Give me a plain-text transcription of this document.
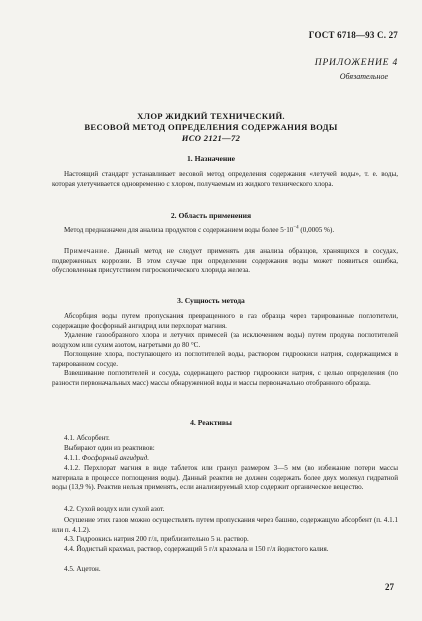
ГОСТ 6718—93 С. 27
ПРИЛОЖЕНИЕ 4
Обязательное
ХЛОР ЖИДКИЙ ТЕХНИЧЕСКИЙ.
ВЕСОВОЙ МЕТОД ОПРЕДЕЛЕНИЯ СОДЕРЖАНИЯ ВОДЫ
ИСО 2121—72
1. Назначение

Настоящий стандарт устанавливает весовой метод определения содержания «летучей воды», т. е. воды, которая улетучивается одновременно с хлором, получаемым из жидкого технического хлора.

2. Область применения

Метод предназначен для анализа продуктов с содержанием воды более $5\cdot 10^{-4}$ (0,0005 %).

Примечание. Данный метод не следует применять для анализа образцов, хранящихся в сосудах, подверженных коррозии. В этом случае при определении содержания воды может появиться ошибка, обусловленная присутствием гигроскопического хлорида железа.

3. Сущность метода

Абсорбция воды путем пропускания превращенного в газ образца через тарированные поглотители, содержащие фосфорный ангидрид или перхлорат магния.

Удаление газообразного хлора и летучих примесей (за исключением воды) путем продува поглотителей воздухом или сухим азотом, нагретыми до 80 °С.

Поглощение хлора, поступающего из поглотителей воды, раствором гидроокиси натрия, содержащимся в тарированном сосуде.

Взвешивание поглотителей и сосуда, содержащего раствор гидроокиси натрия, с целью определения (по разности первоначальных масс) массы обнаруженной воды и массы первоначально отобранного образца.

4. Реактивы

4.1. Абсорбент.

Выбирают один из реактивов:

4.1.1. Фосфорный ангидрид.

4.1.2. Перхлорат магния в виде таблеток или гранул размером 3—5 мм (во избежание потери массы материала в процессе поглощения воды). Данный реактив не должен содержать более двух молекул гидратной воды (13,9 %). Реактив нельзя применять, если анализируемый хлор содержит органическое вещество.

4.2. Сухой воздух или сухой азот.

Осушение этих газов можно осуществлять путем пропускания через башню, содержащую абсорбент (п. 4.1.1 или п. 4.1.2).

4.3. Гидроокись натрия 200 г/л, приблизительно 5 н. раствор.

4.4. Йодистый крахмал, раствор, содержащий 5 г/л крахмала и 150 г/л йодистого калия.

4.5. Ацетон.

27
